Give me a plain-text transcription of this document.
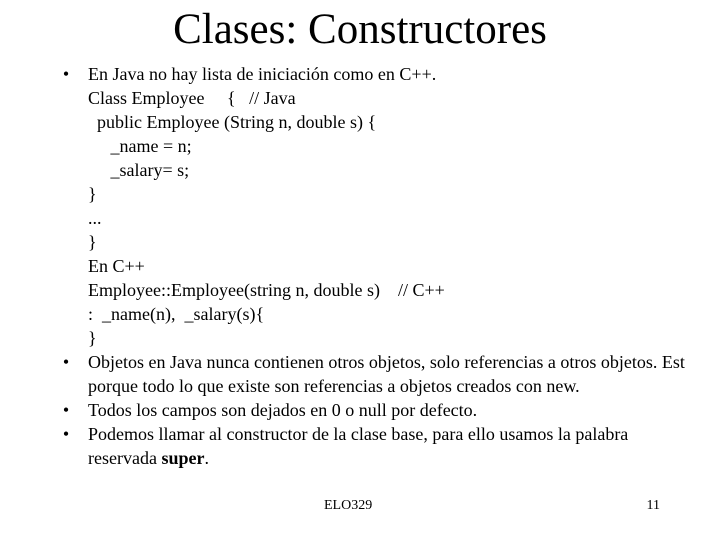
Clases: Constructores
•	En Java no hay lista de iniciación como en C++.
Class Employee     {   // Java
public Employee (String n, double s) {
_name = n;
_salary= s;
}
...
}
En C++
Employee::Employee(string n, double s)    // C++
:  _name(n),  _salary(s){
}
•	Objetos en Java nunca contienen otros objetos, solo referencias a otros objetos. Est porque todo lo que existe son referencias a objetos creados con new.
•	Todos los campos son dejados en 0 o null por defecto.
•	Podemos llamar al constructor de la clase base, para ello usamos la palabra reservada super.
ELO329	11
